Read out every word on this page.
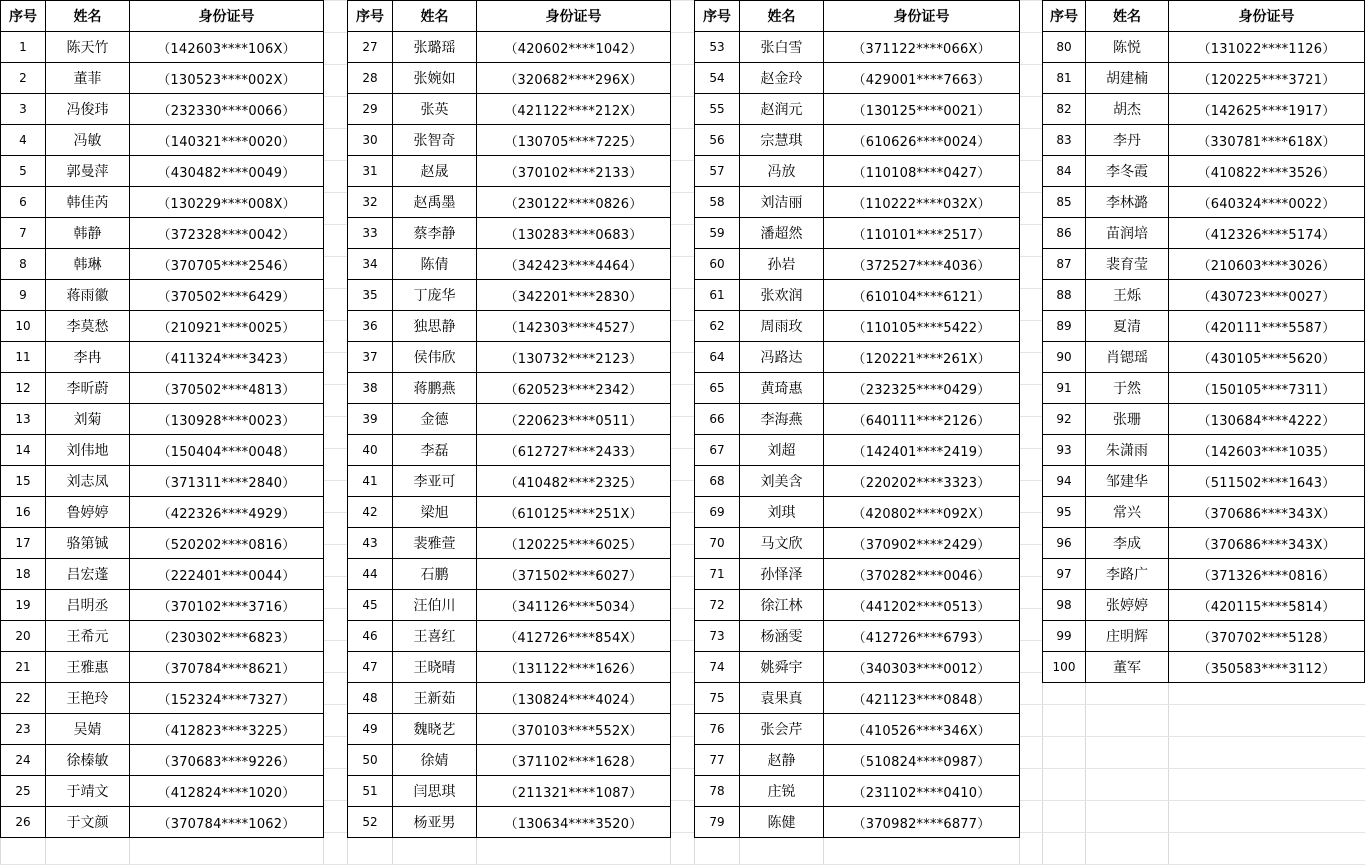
序号	姓名	身份证号
1	陈天竹	（142603****106X）
2	董菲	（130523****002X）
3	冯俊玮	（232330****0066）
4	冯敏	（140321****0020）
5	郭曼萍	（430482****0049）
6	韩佳芮	（130229****008X）
7	韩静	（372328****0042）
8	韩琳	（370705****2546）
9	蒋雨徽	（370502****6429）
10	李莫愁	（210921****0025）
11	李冉	（411324****3423）
12	李昕蔚	（370502****4813）
13	刘菊	（130928****0023）
14	刘伟地	（150404****0048）
15	刘志凤	（371311****2840）
16	鲁婷婷	（422326****4929）
17	骆第铖	（520202****0816）
18	吕宏蓬	（222401****0044）
19	吕明丞	（370102****3716）
20	王希元	（230302****6823）
21	王雅惠	（370784****8621）
22	王艳玲	（152324****7327）
23	吴婧	（412823****3225）
24	徐榛敏	（370683****9226）
25	于靖文	（412824****1020）
26	于文颜	（370784****1062）
序号	姓名	身份证号
27	张璐瑶	（420602****1042）
28	张婉如	（320682****296X）
29	张英	（421122****212X）
30	张智奇	（130705****7225）
31	赵晟	（370102****2133）
32	赵禹墨	（230122****0826）
33	蔡李静	（130283****0683）
34	陈倩	（342423****4464）
35	丁庞华	（342201****2830）
36	独思静	（142303****4527）
37	侯伟欣	（130732****2123）
38	蒋鹏燕	（620523****2342）
39	金德	（220623****0511）
40	李磊	（612727****2433）
41	李亚可	（410482****2325）
42	梁旭	（610125****251X）
43	裴雅萱	（120225****6025）
44	石鹏	（371502****6027）
45	汪伯川	（341126****5034）
46	王喜红	（412726****854X）
47	王晓晴	（131122****1626）
48	王新茹	（130824****4024）
49	魏晓艺	（370103****552X）
50	徐婧	（371102****1628）
51	闫思琪	（211321****1087）
52	杨亚男	（130634****3520）
序号	姓名	身份证号
53	张白雪	（371122****066X）
54	赵金玲	（429001****7663）
55	赵润元	（130125****0021）
56	宗慧琪	（610626****0024）
57	冯放	（110108****0427）
58	刘洁丽	（110222****032X）
59	潘超然	（110101****2517）
60	孙岩	（372527****4036）
61	张欢润	（610104****6121）
62	周雨玫	（110105****5422）
64	冯路达	（120221****261X）
65	黄琦惠	（232325****0429）
66	李海燕	（640111****2126）
67	刘超	（142401****2419）
68	刘美含	（220202****3323）
69	刘琪	（420802****092X）
70	马文欣	（370902****2429）
71	孙怿泽	（370282****0046）
72	徐江林	（441202****0513）
73	杨涵雯	（412726****6793）
74	姚舜宇	（340303****0012）
75	袁果真	（421123****0848）
76	张会芹	（410526****346X）
77	赵静	（510824****0987）
78	庄锐	（231102****0410）
79	陈健	（370982****6877）
序号	姓名	身份证号
80	陈悦	（131022****1126）
81	胡建楠	（120225****3721）
82	胡杰	（142625****1917）
83	李丹	（330781****618X）
84	李冬霞	（410822****3526）
85	李林潞	（640324****0022）
86	苗润培	（412326****5174）
87	裴育莹	（210603****3026）
88	王烁	（430723****0027）
89	夏清	（420111****5587）
90	肖锶瑶	（430105****5620）
91	于然	（150105****7311）
92	张珊	（130684****4222）
93	朱潇雨	（142603****1035）
94	邹建华	（511502****1643）
95	常兴	（370686****343X）
96	李成	（370686****343X）
97	李路广	（371326****0816）
98	张婷婷	（420115****5814）
99	庄明辉	（370702****5128）
100	董军	（350583****3112）
